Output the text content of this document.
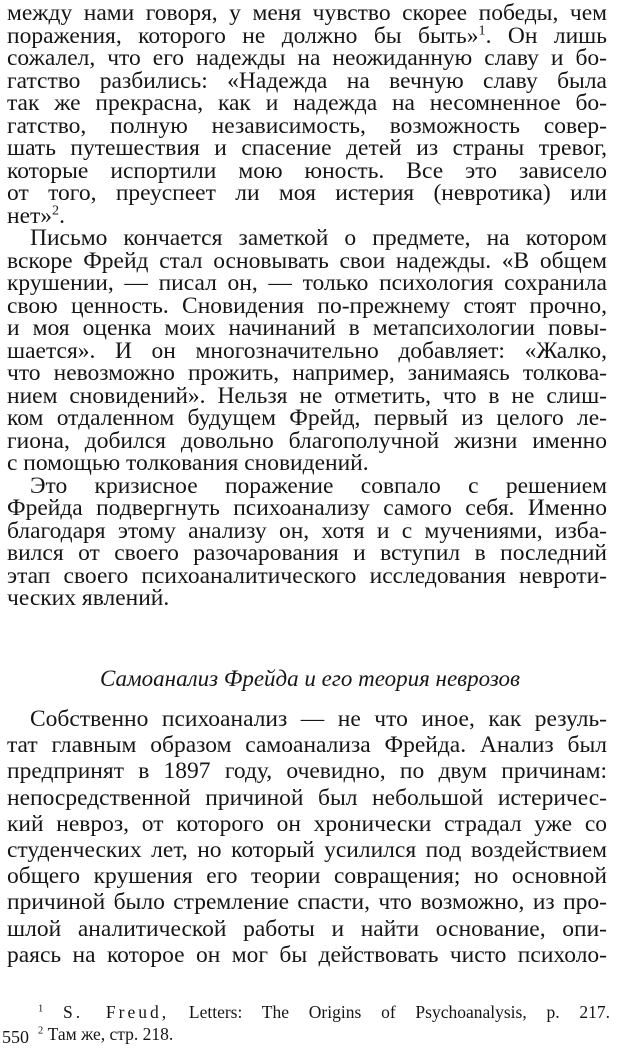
между нами говоря, у меня чувство скорее победы, чем
поражения, которого не должно бы быть»$^1$. Он лишь
сожалел, что его надежды на неожиданную славу и бо-
гатство разбились: «Надежда на вечную славу была
так же прекрасна, как и надежда на несомненное бо-
гатство, полную независимость, возможность совер-
шать путешествия и спасение детей из страны тревог,
которые испортили мою юность. Все это зависело
от того, преуспеет ли моя истерия (невротика) или
нет»$^2$.
Письмо кончается заметкой о предмете, на котором
вскоре Фрейд стал основывать свои надежды. «В общем
крушении, — писал он, — только психология сохранила
свою ценность. Сновидения по-прежнему стоят прочно,
и моя оценка моих начинаний в метапсихологии повы-
шается». И он многозначительно добавляет: «Жалко,
что невозможно прожить, например, занимаясь толкова-
нием сновидений». Нельзя не отметить, что в не слиш-
ком отдаленном будущем Фрейд, первый из целого ле-
гиона, добился довольно благополучной жизни именно
с помощью толкования сновидений.
Это кризисное поражение совпало с решением
Фрейда подвергнуть психоанализу самого себя. Именно
благодаря этому анализу он, хотя и с мучениями, изба-
вился от своего разочарования и вступил в последний
этап своего психоаналитического исследования невроти-
ческих явлений.
Самоанализ Фрейда и его теория неврозов
Собственно психоанализ — не что иное, как резуль-
тат главным образом самоанализа Фрейда. Анализ был
предпринят в 1897 году, очевидно, по двум причинам:
непосредственной причиной был небольшой истеричес-
кий невроз, от которого он хронически страдал уже со
студенческих лет, но который усилился под воздействием
общего крушения его теории совращения; но основной
причиной было стремление спасти, что возможно, из про-
шлой аналитической работы и найти основание, опи-
раясь на которое он мог бы действовать чисто психоло-
$^1$ S. Freud, Letters: The Origins of Psychoanalysis, p. 217.
$^2$ Там же, стр. 218.
550
